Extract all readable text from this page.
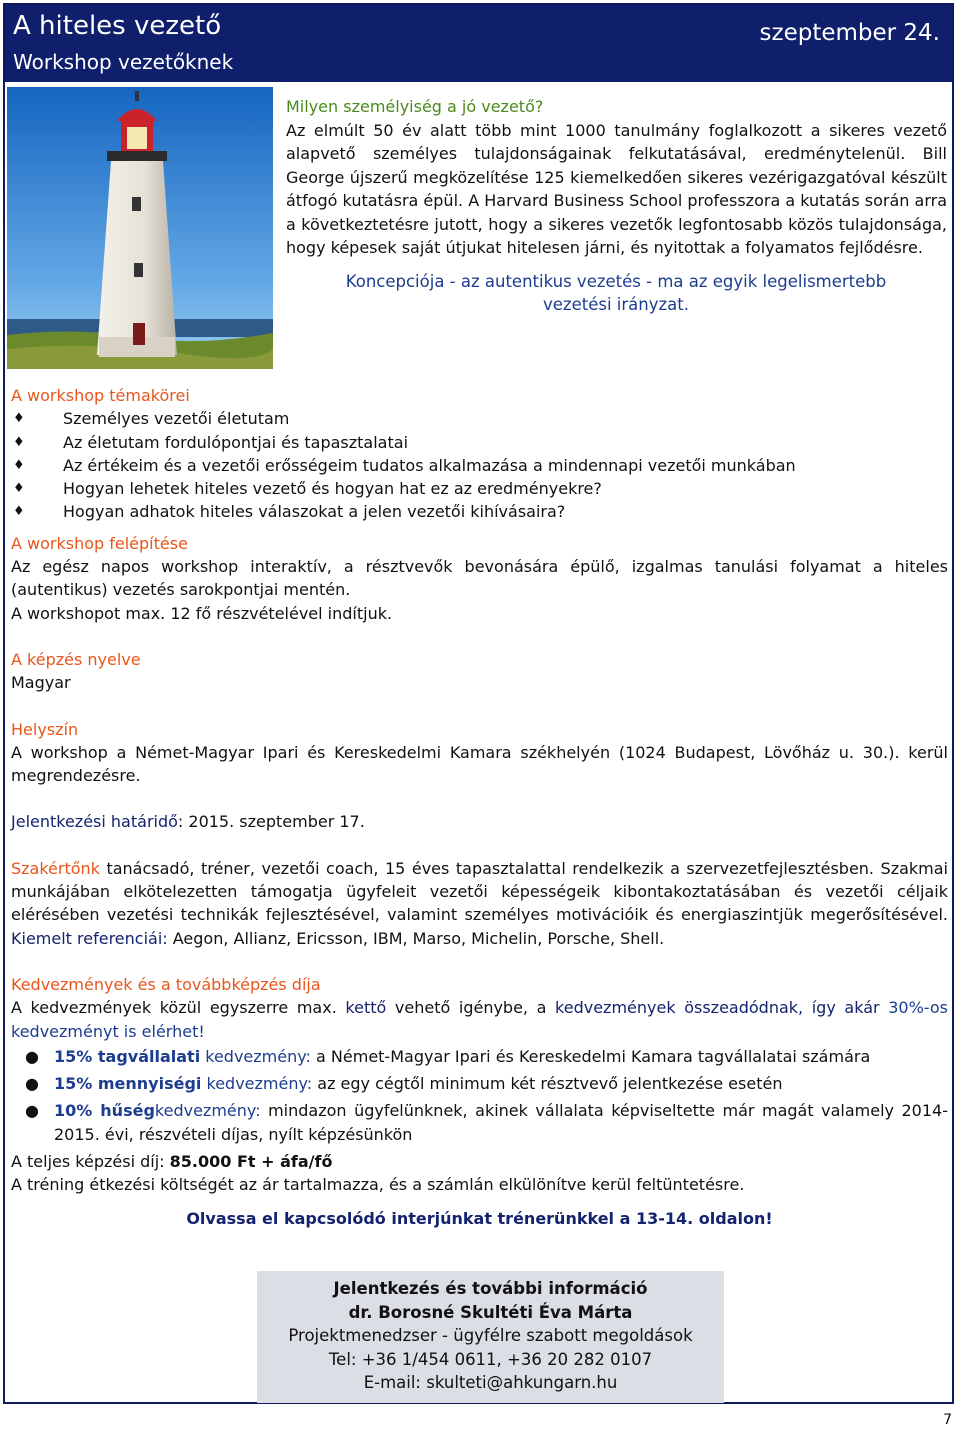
A hiteles vezető
Workshop vezetőknek
szeptember 24.
Milyen személyiség a jó vezető?

Az elmúlt 50 év alatt több mint 1000 tanulmány foglalkozott a sikeres vezető alapvető személyes tulajdonságainak felkutatásával, eredménytelenül. Bill George újszerű megközelítése 125 kiemelkedően sikeres vezérigazgatóval készült átfogó kutatásra épül. A Harvard Business School professzora a kutatás során arra a következtetésre jutott, hogy a sikeres vezetők legfontosabb közös tulajdonsága, hogy képesek saját útjukat hitelesen járni, és nyitottak a folyamatos fejlődésre.

Koncepciója - az autentikus vezetés - ma az egyik legelismertebb vezetési irányzat.
A workshop témakörei
♦ Személyes vezetői életutam
♦ Az életutam fordulópontjai és tapasztalatai
♦ Az értékeim és a vezetői erősségeim tudatos alkalmazása a mindennapi vezetői munkában
♦ Hogyan lehetek hiteles vezető és hogyan hat ez az eredményekre?
♦ Hogyan adhatok hiteles válaszokat a jelen vezetői kihívásaira?
A workshop felépítése

Az egész napos workshop interaktív, a résztvevők bevonására épülő, izgalmas tanulási folyamat a hiteles (autentikus) vezetés sarokpontjai mentén.

A workshopot max. 12 fő részvételével indítjuk.
A képzés nyelve
Magyar
Helyszín

A workshop a Német-Magyar Ipari és Kereskedelmi Kamara székhelyén (1024 Budapest, Lövőház u. 30.). kerül megrendezésre.

Jelentkezési határidő: 2015. szeptember 17.

Szakértőnk tanácsadó, tréner, vezetői coach, 15 éves tapasztalattal rendelkezik a szervezetfejlesztésben. Szakmai munkájában elkötelezetten támogatja ügyfeleit vezetői képességeik kibontakoztatásában és vezetői céljaik elérésében vezetési technikák fejlesztésével, valamint személyes motivációik és energiaszintjük megerősítésével. Kiemelt referenciái: Aegon, Allianz, Ericsson, IBM, Marso, Michelin, Porsche, Shell.

Kedvezmények és a továbbképzés díja

A kedvezmények közül egyszerre max. kettő vehető igénybe, a kedvezmények összeadódnak, így akár 30%-os kedvezményt is elérhet!

● 15% tagvállalati kedvezmény: a Német-Magyar Ipari és Kereskedelmi Kamara tagvállalatai számára
● 15% mennyiségi kedvezmény: az egy cégtől minimum két résztvevő jelentkezése esetén
● 10% hűségkedvezmény: mindazon ügyfelünknek, akinek vállalata képviseltette már magát valamely 2014-2015. évi, részvételi díjas, nyílt képzésünkön
A teljes képzési díj: 85.000 Ft + áfa/fő
A tréning étkezési költségét az ár tartalmazza, és a számlán elkülönítve kerül feltüntetésre.
Olvassa el kapcsolódó interjúnkat trénerünkkel a 13-14. oldalon!
Jelentkezés és további információ
dr. Borosné Skultéti Éva Márta
Projektmenedzser - ügyfélre szabott megoldások
Tel: +36 1/454 0611, +36 20 282 0107
E-mail: skulteti@ahkungarn.hu
7
